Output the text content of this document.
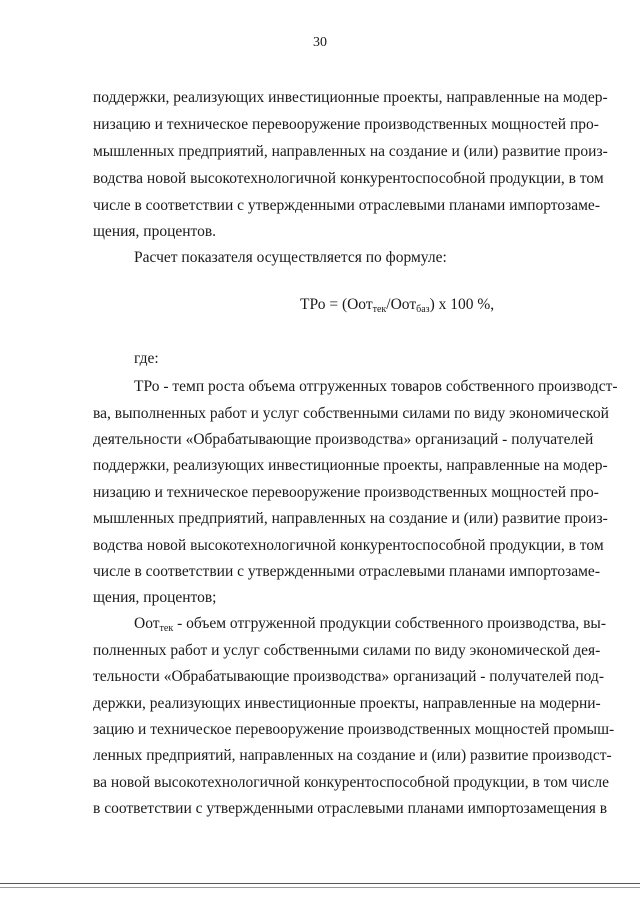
30
поддержки, реализующих инвестиционные проекты, направленные на модер-
низацию и техническое перевооружение производственных мощностей про-
мышленных предприятий, направленных на создание и (или) развитие произ-
водства новой высокотехнологичной конкурентоспособной продукции, в том
числе в соответствии с утвержденными отраслевыми планами импортозаме-
щения, процентов.
Расчет показателя осуществляется по формуле:
ТРо = (Оот$_{тек}$/Оот$_{баз}$) х 100 %,
где:
ТРо - темп роста объема отгруженных товаров собственного производст-
ва, выполненных работ и услуг собственными силами по виду экономической
деятельности «Обрабатывающие производства» организаций - получателей
поддержки, реализующих инвестиционные проекты, направленные на модер-
низацию и техническое перевооружение производственных мощностей про-
мышленных предприятий, направленных на создание и (или) развитие произ-
водства новой высокотехнологичной конкурентоспособной продукции, в том
числе в соответствии с утвержденными отраслевыми планами импортозаме-
щения, процентов;
Оот$_{тек}$ - объем отгруженной продукции собственного производства, вы-
полненных работ и услуг собственными силами по виду экономической дея-
тельности «Обрабатывающие производства» организаций - получателей под-
держки, реализующих инвестиционные проекты, направленные на модерни-
зацию и техническое перевооружение производственных мощностей промыш-
ленных предприятий, направленных на создание и (или) развитие производст-
ва новой высокотехнологичной конкурентоспособной продукции, в том числе
в соответствии с утвержденными отраслевыми планами импортозамещения в
